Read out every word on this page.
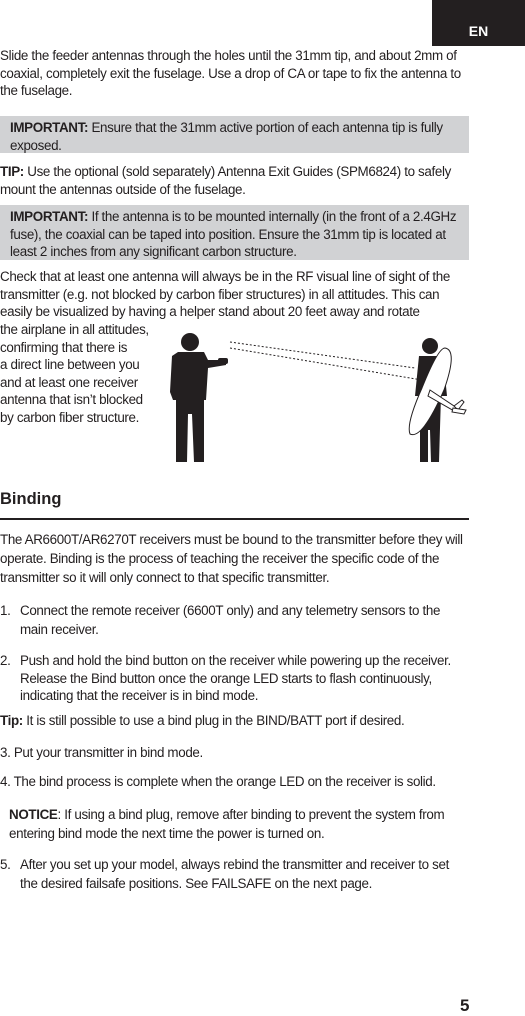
EN
Slide the feeder antennas through the holes until the 31mm tip, and about 2mm of coaxial, completely exit the fuselage. Use a drop of CA or tape to fix the antenna to the fuselage.
IMPORTANT: Ensure that the 31mm active portion of each antenna tip is fully exposed.
TIP: Use the optional (sold separately) Antenna Exit Guides (SPM6824) to safely mount the antennas outside of the fuselage.
IMPORTANT: If the antenna is to be mounted internally (in the front of a 2.4GHz fuse), the coaxial can be taped into position. Ensure the 31mm tip is located at least 2 inches from any significant carbon structure.
Check that at least one antenna will always be in the RF visual line of sight of the transmitter (e.g. not blocked by carbon fiber structures) in all attitudes. This can easily be visualized by having a helper stand about 20 feet away and rotate
the airplane in all attitudes,
confirming that there is
a direct line between you
and at least one receiver
antenna that isn’t blocked
by carbon fiber structure.
Binding
The AR6600T/AR6270T receivers must be bound to the transmitter before they will operate. Binding is the process of teaching the receiver the specific code of the transmitter so it will only connect to that specific transmitter.
1. Connect the remote receiver (6600T only) and any telemetry sensors to the main receiver.
2. Push and hold the bind button on the receiver while powering up the receiver. Release the Bind button once the orange LED starts to flash continuously, indicating that the receiver is in bind mode.
Tip: It is still possible to use a bind plug in the BIND/BATT port if desired.
3. Put your transmitter in bind mode.
4. The bind process is complete when the orange LED on the receiver is solid.
NOTICE: If using a bind plug, remove after binding to prevent the system from entering bind mode the next time the power is turned on.
5. After you set up your model, always rebind the transmitter and receiver to set the desired failsafe positions. See FAILSAFE on the next page.
5
